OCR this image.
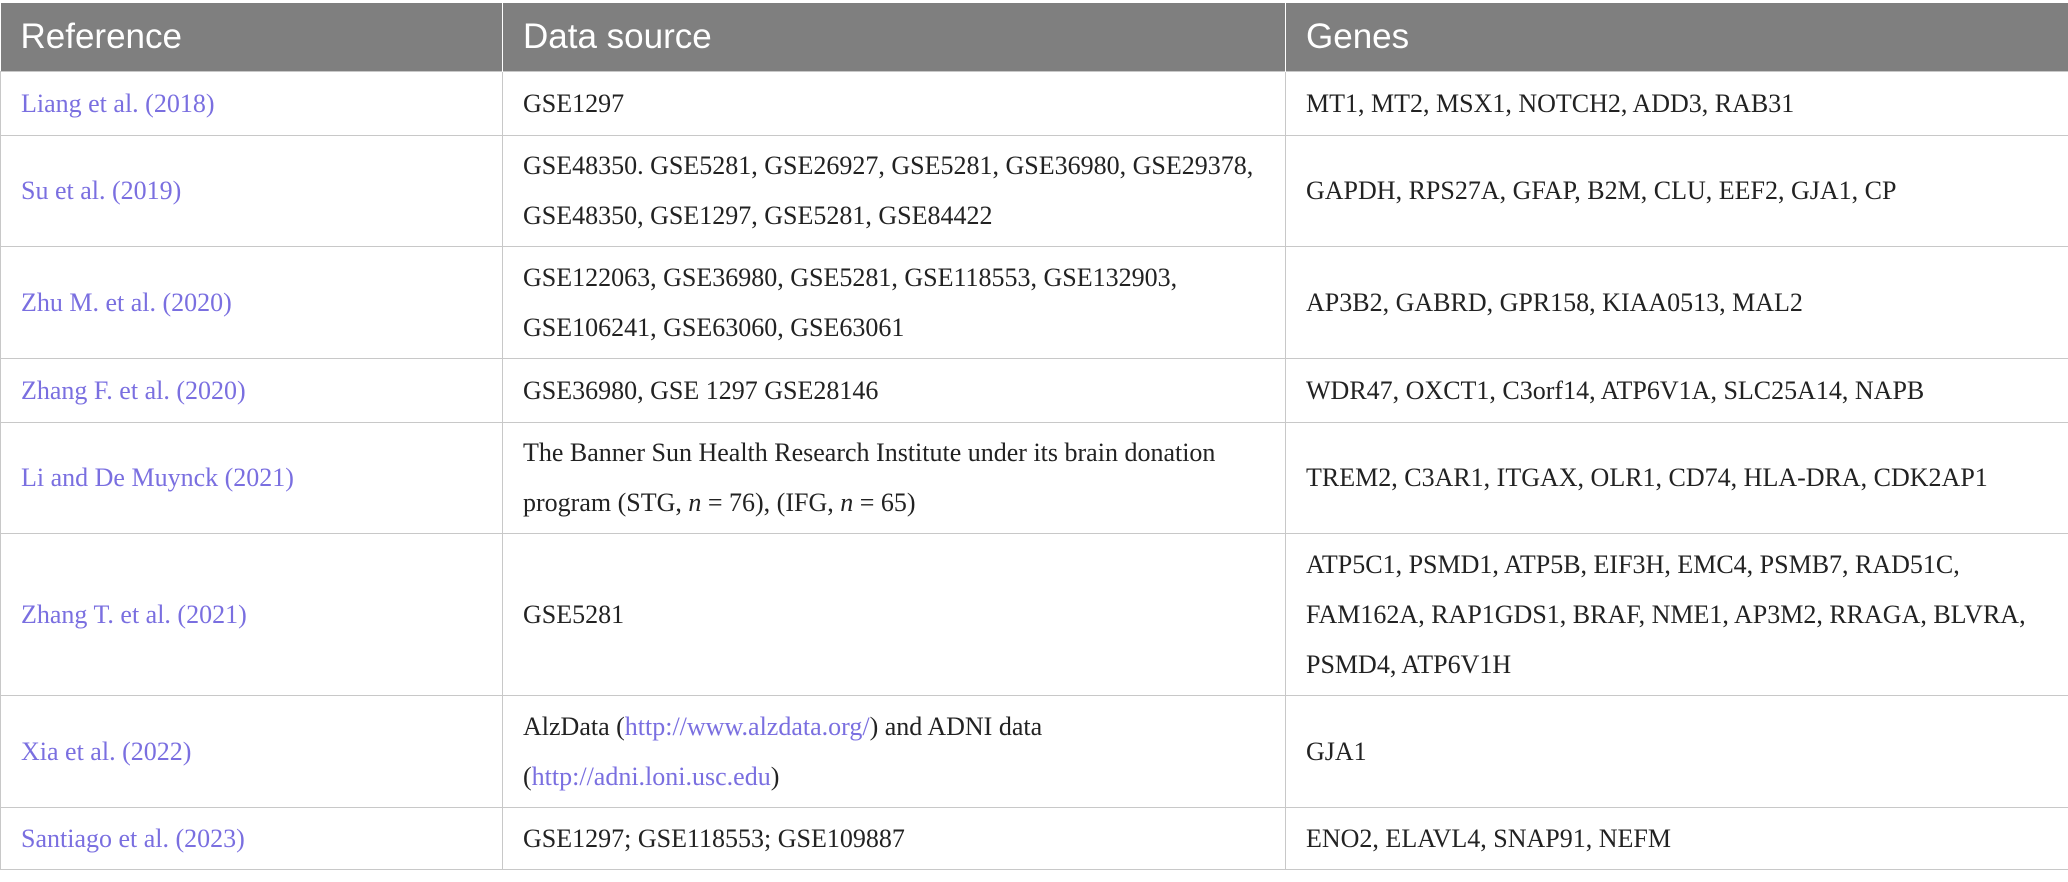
Reference	Data source	Genes
Liang et al. (2018)	GSE1297	MT1, MT2, MSX1, NOTCH2, ADD3, RAB31
Su et al. (2019)	GSE48350. GSE5281, GSE26927, GSE5281, GSE36980, GSE29378, GSE48350, GSE1297, GSE5281, GSE84422	GAPDH, RPS27A, GFAP, B2M, CLU, EEF2, GJA1, CP
Zhu M. et al. (2020)	GSE122063, GSE36980, GSE5281, GSE118553, GSE132903, GSE106241, GSE63060, GSE63061	AP3B2, GABRD, GPR158, KIAA0513, MAL2
Zhang F. et al. (2020)	GSE36980, GSE 1297 GSE28146	WDR47, OXCT1, C3orf14, ATP6V1A, SLC25A14, NAPB
Li and De Muynck (2021)	The Banner Sun Health Research Institute under its brain donation program (STG, n = 76), (IFG, n = 65)	TREM2, C3AR1, ITGAX, OLR1, CD74, HLA-DRA, CDK2AP1
Zhang T. et al. (2021)	GSE5281	ATP5C1, PSMD1, ATP5B, EIF3H, EMC4, PSMB7, RAD51C, FAM162A, RAP1GDS1, BRAF, NME1, AP3M2, RRAGA, BLVRA, PSMD4, ATP6V1H
Xia et al. (2022)	AlzData (http://www.alzdata.org/) and ADNI data (http://adni.loni.usc.edu)	GJA1
Santiago et al. (2023)	GSE1297; GSE118553; GSE109887	ENO2, ELAVL4, SNAP91, NEFM
